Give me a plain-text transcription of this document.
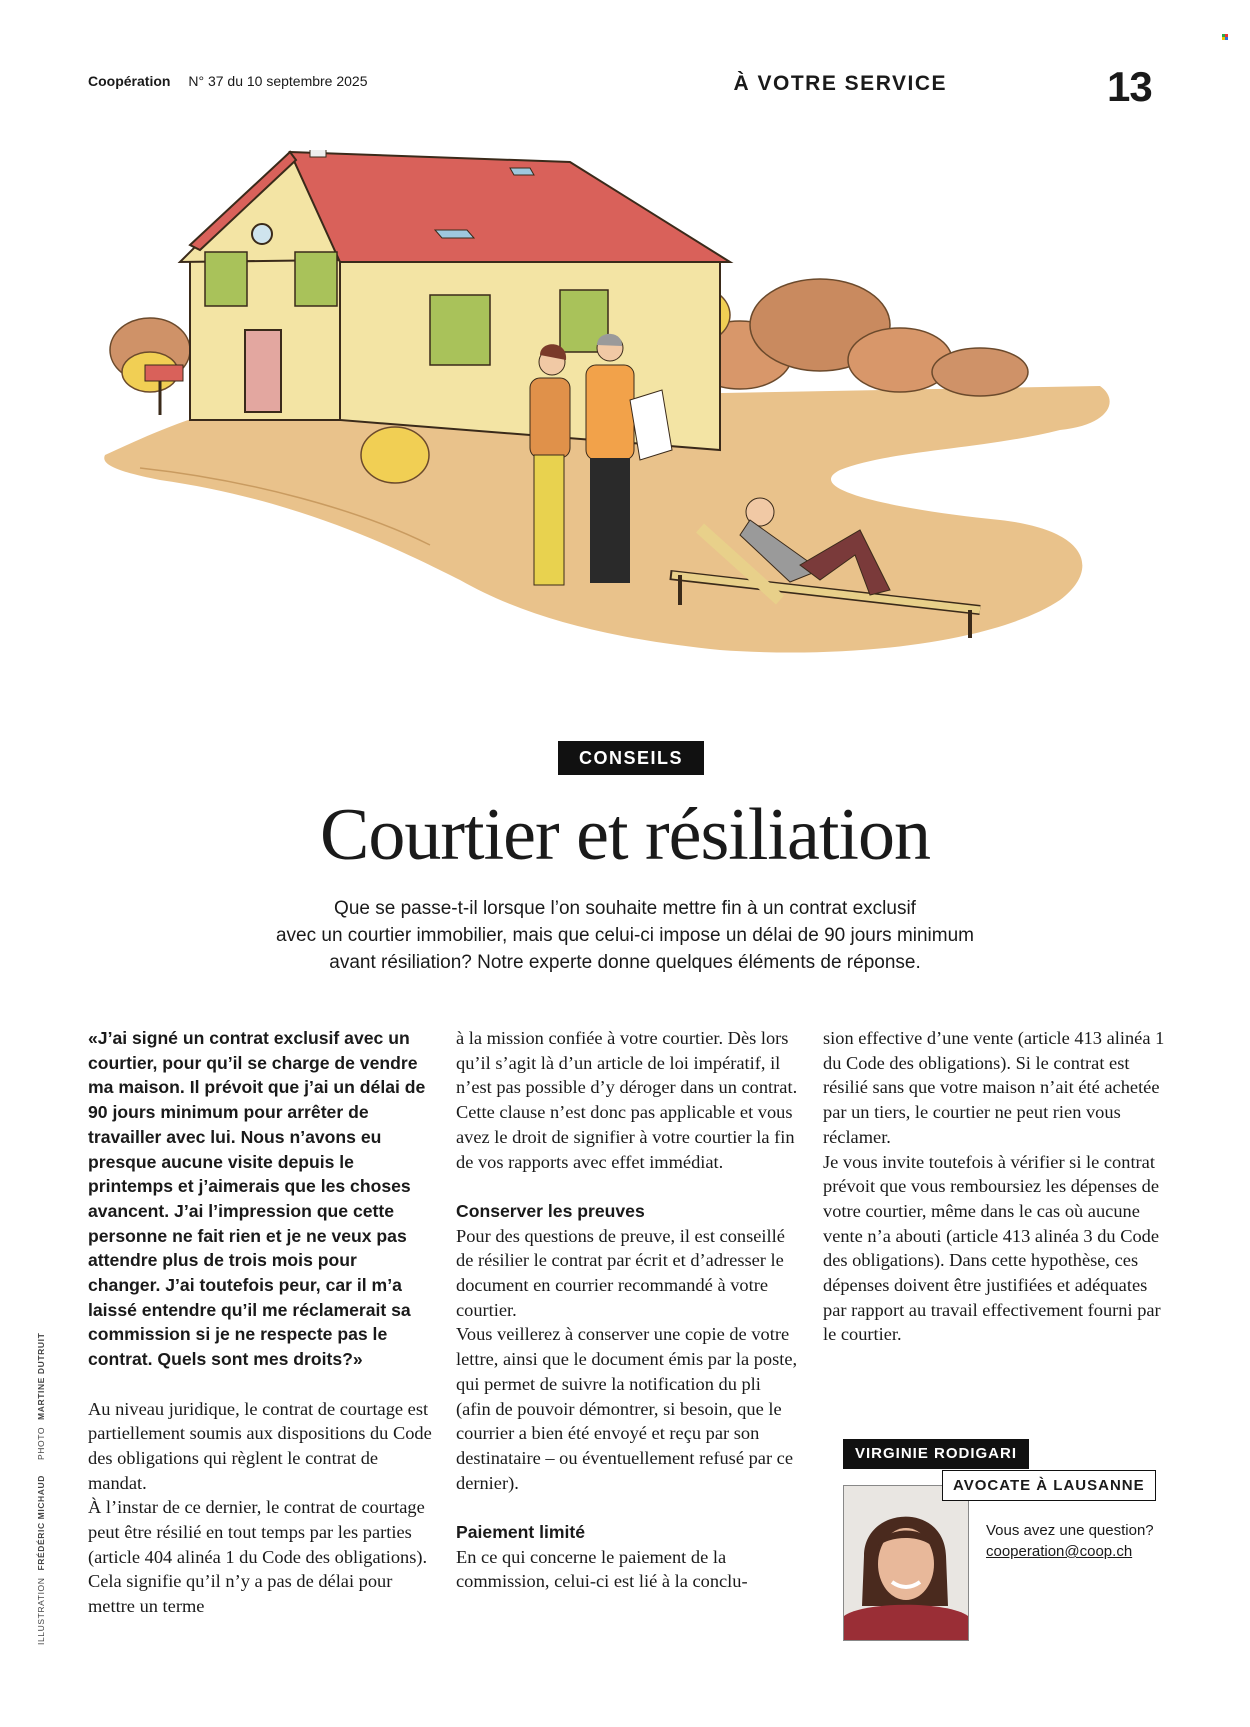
Coopération N° 37 du 10 septembre 2025	À VOTRE SERVICE	13
CONSEILS
Courtier et résiliation

Que se passe-t-il lorsque l’on souhaite mettre fin à un contrat exclusif

avec un courtier immobilier, mais que celui-ci impose un délai de 90 jours minimum

avant résiliation? Notre experte donne quelques éléments de réponse.

«J’ai signé un contrat exclusif avec un courtier, pour qu’il se charge de vendre ma maison. Il prévoit que j’ai un délai de 90 jours minimum pour arrêter de travailler avec lui. Nous n’avons eu presque aucune visite depuis le printemps et j’aimerais que les choses avancent. J’ai l’impression que cette personne ne fait rien et je ne veux pas attendre plus de trois mois pour changer. J’ai toutefois peur, car il m’a laissé entendre qu’il me réclamerait sa commission si je ne respecte pas le contrat. Quels sont mes droits?»

Au niveau juridique, le contrat de courtage est partiellement soumis aux dispositions du Code des obligations qui règlent le contrat de mandat.

À l’instar de ce dernier, le contrat de courtage peut être résilié en tout temps par les parties (article 404 alinéa 1 du Code des obligations). Cela signifie qu’il n’y a pas de délai pour mettre un terme

à la mission confiée à votre courtier. Dès lors qu’il s’agit là d’un article de loi impératif, il n’est pas possible d’y déroger dans un contrat. Cette clause n’est donc pas applicable et vous avez le droit de signifier à votre courtier la fin de vos rapports avec effet immédiat.

Conserver les preuves

Pour des questions de preuve, il est conseillé de résilier le contrat par écrit et d’adresser le document en courrier recommandé à votre courtier.

Vous veillerez à conserver une copie de votre lettre, ainsi que le document émis par la poste, qui permet de suivre la notification du pli (afin de pouvoir démontrer, si besoin, que le courrier a bien été envoyé et reçu par son destinataire – ou éventuellement refusé par ce dernier).

Paiement limité

En ce qui concerne le paiement de la commission, celui-ci est lié à la conclu-

sion effective d’une vente (article 413 alinéa 1 du Code des obligations). Si le contrat est résilié sans que votre maison n’ait été achetée par un tiers, le courtier ne peut rien vous réclamer.

Je vous invite toutefois à vérifier si le contrat prévoit que vous remboursiez les dépenses de votre courtier, même dans le cas où aucune vente n’a abouti (article 413 alinéa 3 du Code des obligations). Dans cette hypothèse, ces dépenses doivent être justifiées et adéquates par rapport au travail effectivement fourni par le courtier.

ILLUSTRATION FRÉDÉRIC MICHAUD PHOTO MARTINE DUTRUIT
VIRGINIE RODIGARI
AVOCATE À LAUSANNE
Vous avez une question?
cooperation@coop.ch
